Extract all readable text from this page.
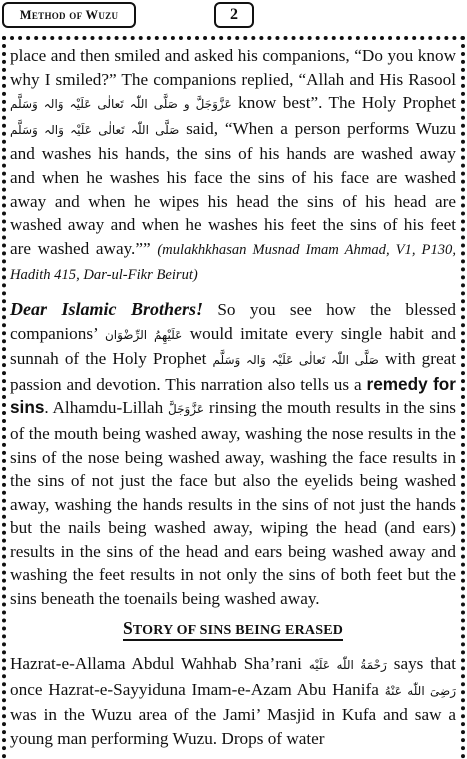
Method of Wuzu	2

place and then smiled and asked his companions, “Do you know why I smiled?” The companions replied, “Allah and His Rasool عَزَّوَجَلَّ و صَلَّی اللّٰہ تَعالٰی عَلَیْہ وَالہ وَسَلَّم know best”. The Holy Prophet صَلَّی اللّٰہ تَعالٰی عَلَیْہ وَالہ وَسَلَّم said, “When a person performs Wuzu and washes his hands, the sins of his hands are washed away and when he washes his face the sins of his face are washed away and when he wipes his head the sins of his head are washed away and when he washes his feet the sins of his feet are washed away.”” (mulakhkhasan Musnad Imam Ahmad, V1, P130, Hadith 415, Dar-ul-Fikr Beirut)

Dear Islamic Brothers! So you see how the blessed companions’ عَلَیْهِمُ الرِّضْوَان would imitate every single habit and sunnah of the Holy Prophet صَلَّی اللّٰہ تَعالٰی عَلَیْہ وَالہ وَسَلَّم with great passion and devotion. This narration also tells us a remedy for sins. Alhamdu-Lillah عَزَّوَجَلَّ rinsing the mouth results in the sins of the mouth being washed away, washing the nose results in the sins of the nose being washed away, washing the face results in the sins of not just the face but also the eyelids being washed away, washing the hands results in the sins of not just the hands but the nails being washed away, wiping the head (and ears) results in the sins of the head and ears being washed away and washing the feet results in not only the sins of both feet but the sins beneath the toenails being washed away.

STORY OF SINS BEING ERASED

Hazrat-e-Allama Abdul Wahhab Sha’rani رَحْمَةُ اللّٰه عَلَیْه says that once Hazrat-e-Sayyiduna Imam-e-Azam Abu Hanifa رَضِیَ اللّٰه عَنْهُ was in the Wuzu area of the Jami’ Masjid in Kufa and saw a young man performing Wuzu. Drops of water
